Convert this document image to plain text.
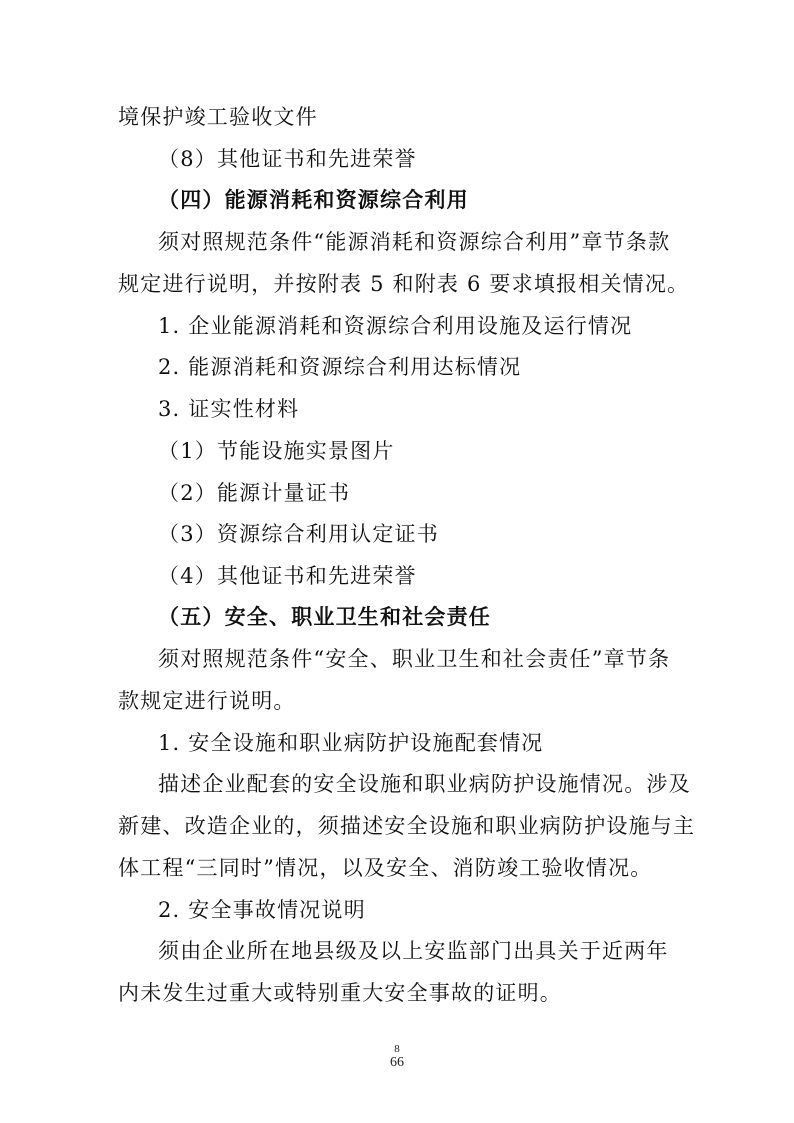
境保护竣工验收文件
（8）其他证书和先进荣誉
（四）能源消耗和资源综合利用
须对照规范条件“能源消耗和资源综合利用”章节条款
规定进行说明，并按附表 5 和附表 6 要求填报相关情况。
1. 企业能源消耗和资源综合利用设施及运行情况
2. 能源消耗和资源综合利用达标情况
3. 证实性材料
（1）节能设施实景图片
（2）能源计量证书
（3）资源综合利用认定证书
（4）其他证书和先进荣誉
（五）安全、职业卫生和社会责任
须对照规范条件“安全、职业卫生和社会责任”章节条
款规定进行说明。
1. 安全设施和职业病防护设施配套情况
描述企业配套的安全设施和职业病防护设施情况。涉及
新建、改造企业的，须描述安全设施和职业病防护设施与主
体工程“三同时”情况，以及安全、消防竣工验收情况。
2. 安全事故情况说明
须由企业所在地县级及以上安监部门出具关于近两年
内未发生过重大或特别重大安全事故的证明。
8
66
